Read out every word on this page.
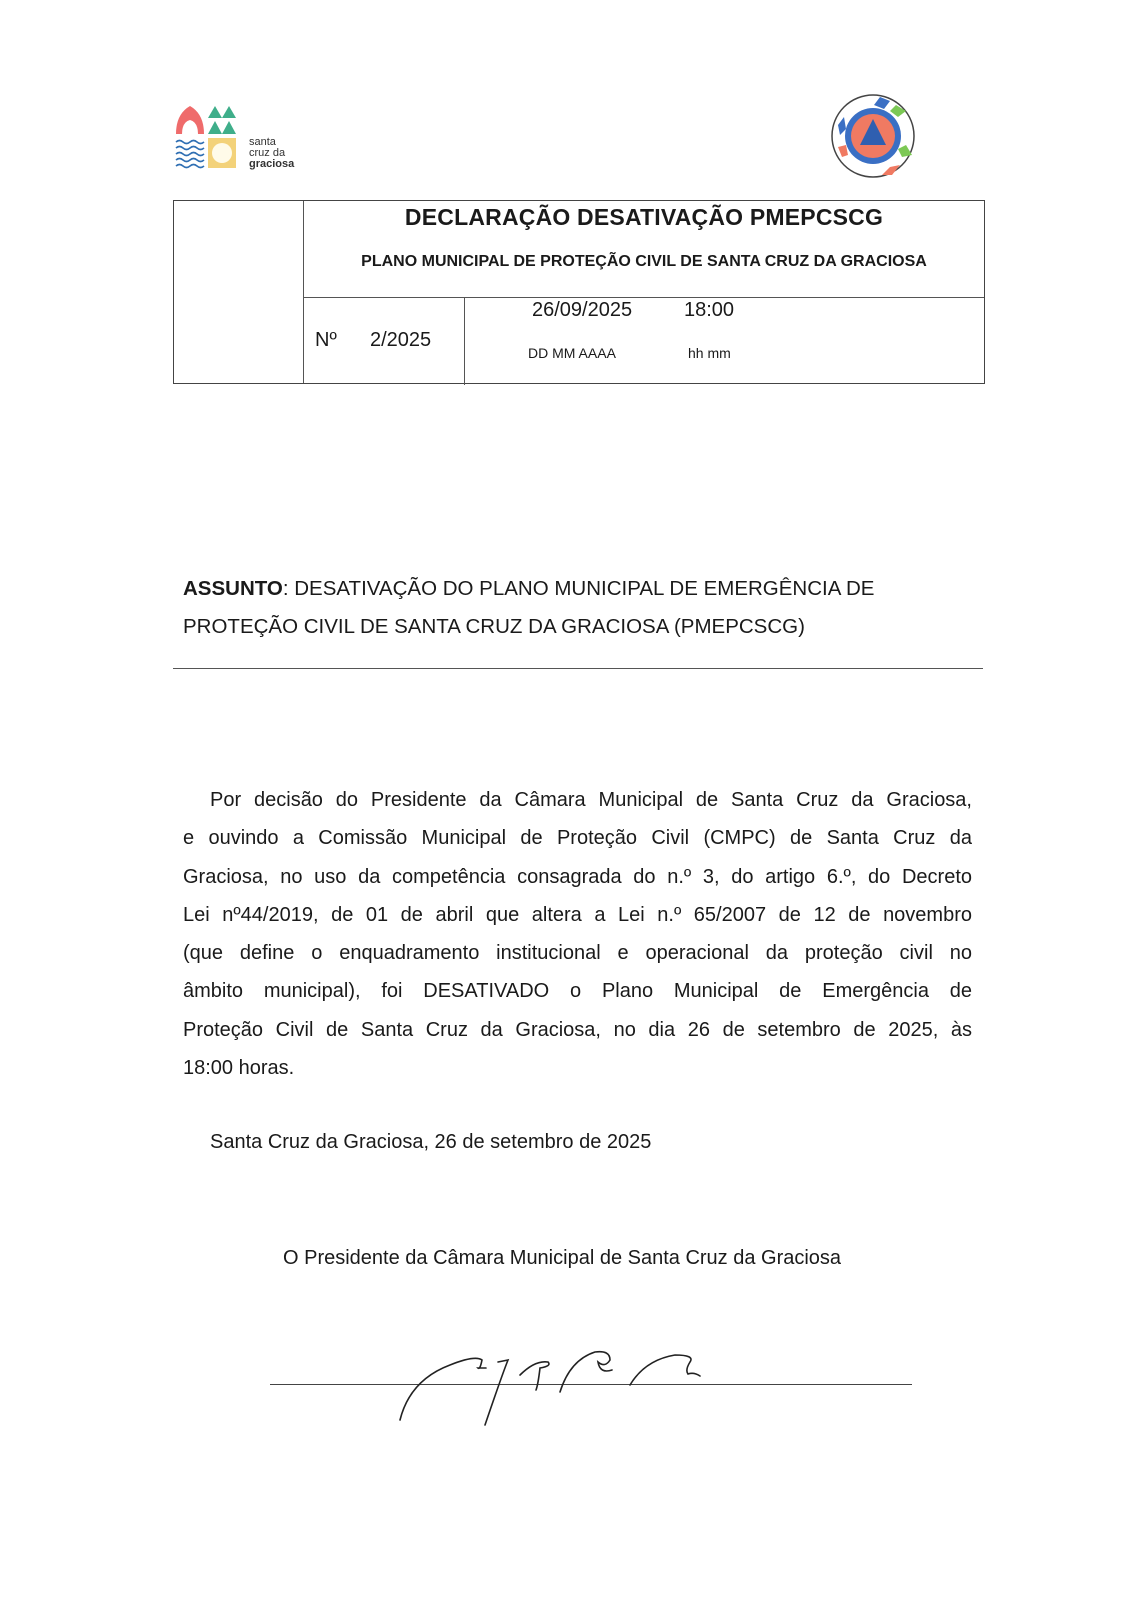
santa
cruz da
graciosa
DECLARAÇÃO DESATIVAÇÃO PMEPCSCG
PLANO MUNICIPAL DE PROTEÇÃO CIVIL DE SANTA CRUZ DA GRACIOSA
Nº 2/2025
26/09/2025	18:00
DD MM AAAA	hh mm
ASSUNTO: DESATIVAÇÃO DO PLANO MUNICIPAL DE EMERGÊNCIA DE
PROTEÇÃO CIVIL DE SANTA CRUZ DA GRACIOSA (PMEPCSCG)
Por decisão do Presidente da Câmara Municipal de Santa Cruz da Graciosa,
e ouvindo a Comissão Municipal de Proteção Civil (CMPC) de Santa Cruz da
Graciosa, no uso da competência consagrada do n.º 3, do artigo 6.º, do Decreto
Lei nº44/2019, de 01 de abril que altera a Lei n.º 65/2007 de 12 de novembro
(que define o enquadramento institucional e operacional da proteção civil no
âmbito municipal), foi DESATIVADO o Plano Municipal de Emergência de
Proteção Civil de Santa Cruz da Graciosa, no dia 26 de setembro de 2025, às
18:00 horas.
Santa Cruz da Graciosa, 26 de setembro de 2025
O Presidente da Câmara Municipal de Santa Cruz da Graciosa
